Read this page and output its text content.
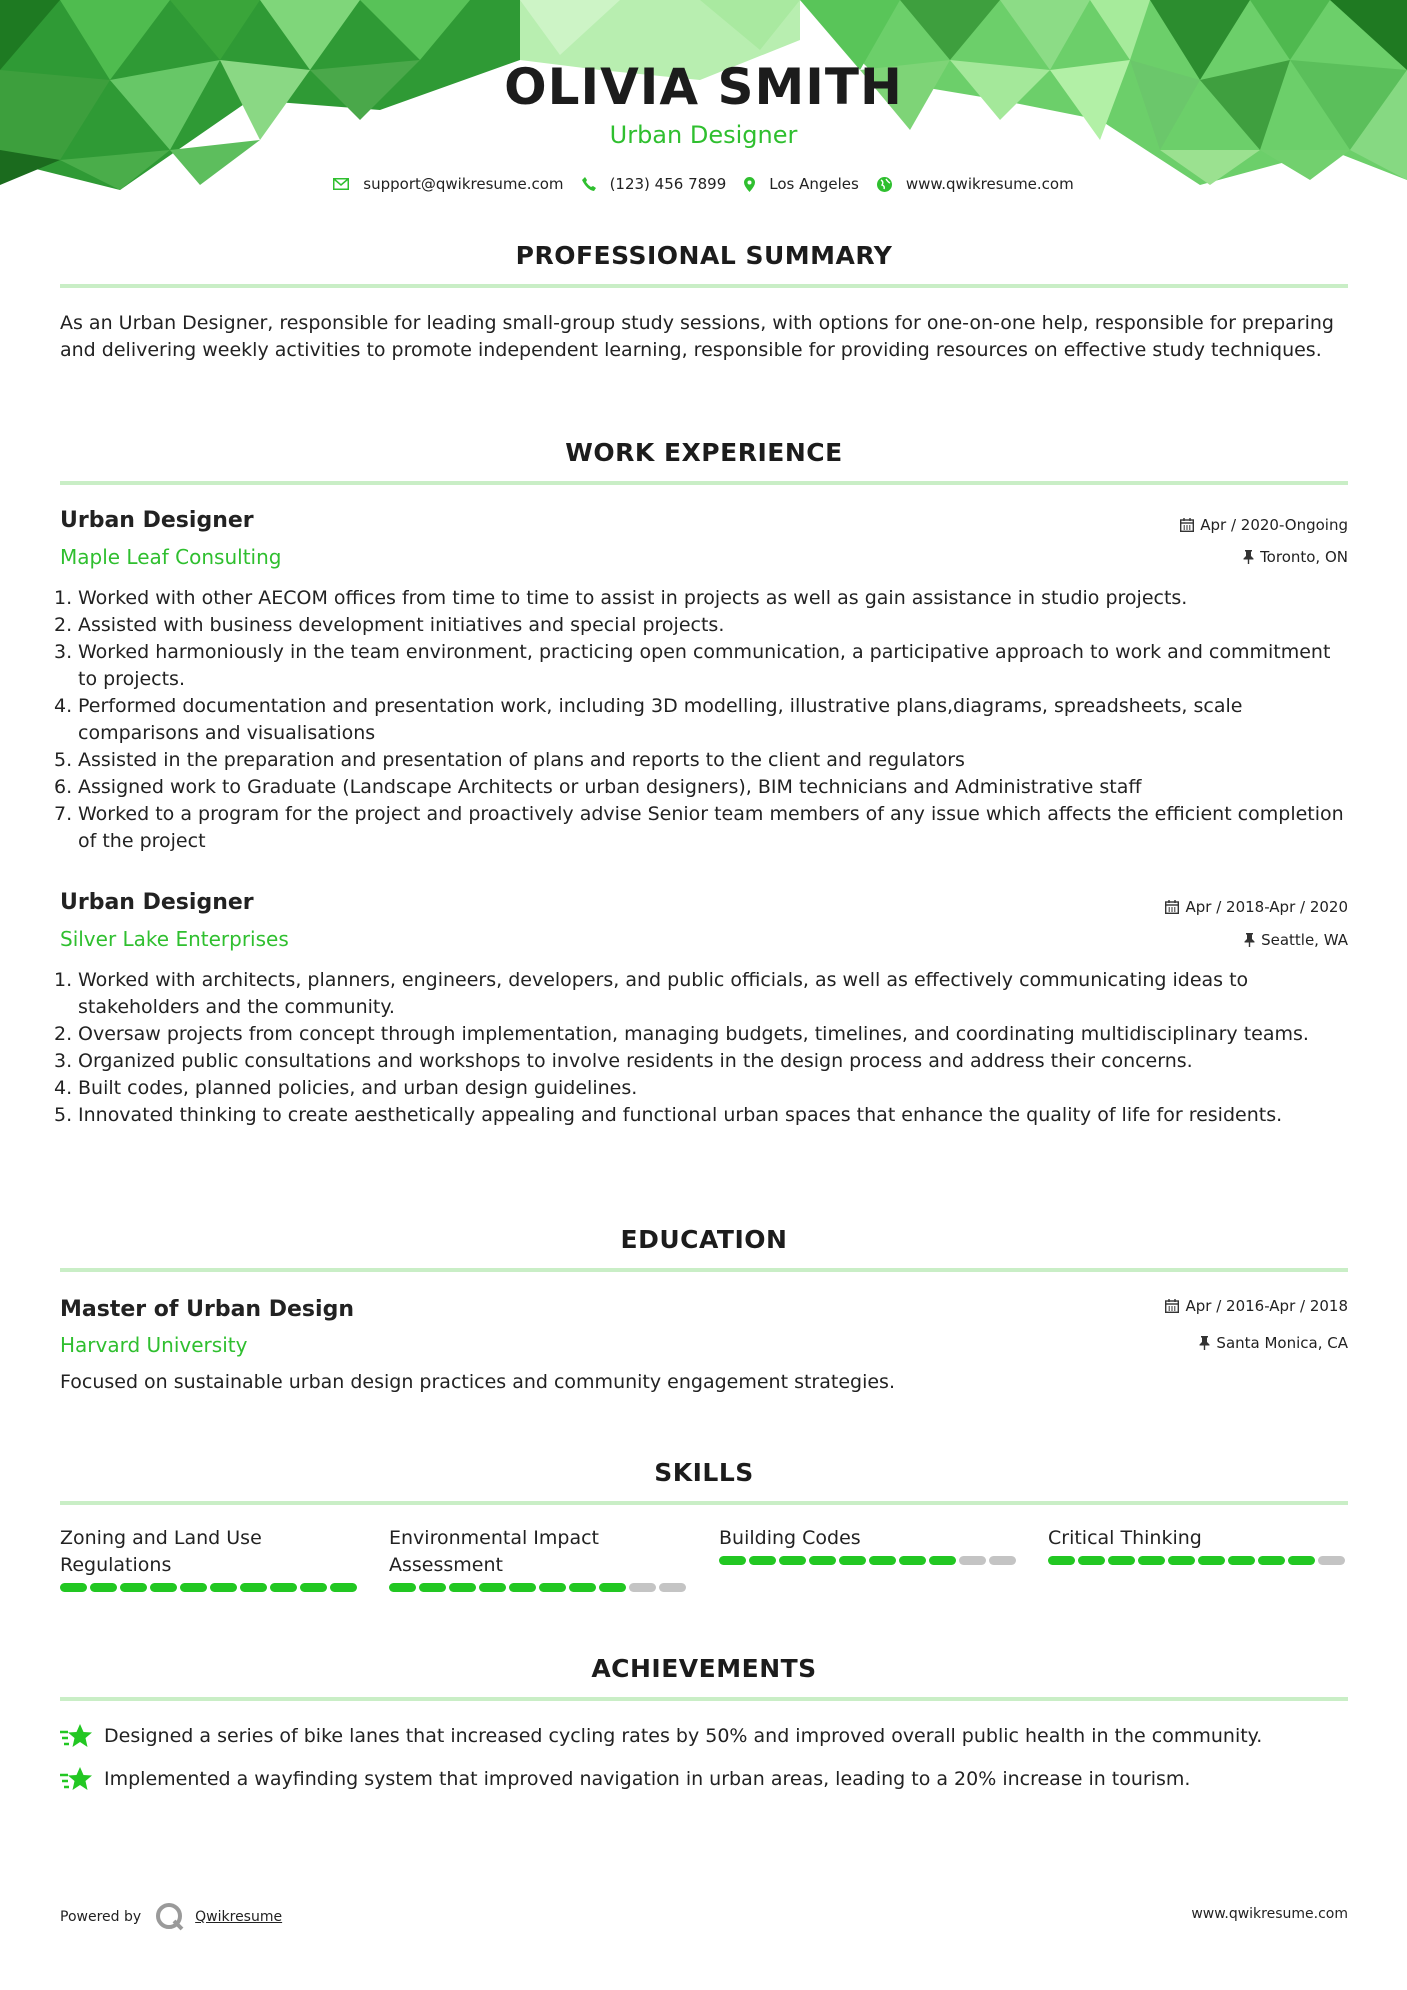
OLIVIA SMITH
Urban Designer
support@qwikresume.com	(123) 456 7899	Los Angeles	www.qwikresume.com
PROFESSIONAL SUMMARY
As an Urban Designer, responsible for leading small-group study sessions, with options for one-on-one help, responsible for preparing and delivering weekly activities to promote independent learning, responsible for providing resources on effective study techniques.
WORK EXPERIENCE
Urban Designer
Maple Leaf Consulting
Apr / 2020-Ongoing
Toronto, ON
Worked with other AECOM offices from time to time to assist in projects as well as gain assistance in studio projects.
Assisted with business development initiatives and special projects.
Worked harmoniously in the team environment, practicing open communication, a participative approach to work and commitment to projects.
Performed documentation and presentation work, including 3D modelling, illustrative plans,diagrams, spreadsheets, scale comparisons and visualisations
Assisted in the preparation and presentation of plans and reports to the client and regulators
Assigned work to Graduate (Landscape Architects or urban designers), BIM technicians and Administrative staff
Worked to a program for the project and proactively advise Senior team members of any issue which affects the efficient completion of the project
Urban Designer
Silver Lake Enterprises
Apr / 2018-Apr / 2020
Seattle, WA
Worked with architects, planners, engineers, developers, and public officials, as well as effectively communicating ideas to stakeholders and the community.
Oversaw projects from concept through implementation, managing budgets, timelines, and coordinating multidisciplinary teams.
Organized public consultations and workshops to involve residents in the design process and address their concerns.
Built codes, planned policies, and urban design guidelines.
Innovated thinking to create aesthetically appealing and functional urban spaces that enhance the quality of life for residents.
EDUCATION
Master of Urban Design
Harvard University
Apr / 2016-Apr / 2018
Santa Monica, CA
Focused on sustainable urban design practices and community engagement strategies.
SKILLS
Zoning and Land Use Regulations
Environmental Impact Assessment
Building Codes	Critical Thinking
ACHIEVEMENTS
Designed a series of bike lanes that increased cycling rates by 50% and improved overall public health in the community.
Implemented a wayfinding system that improved navigation in urban areas, leading to a 20% increase in tourism.
Powered by	Qwikresume	www.qwikresume.com
